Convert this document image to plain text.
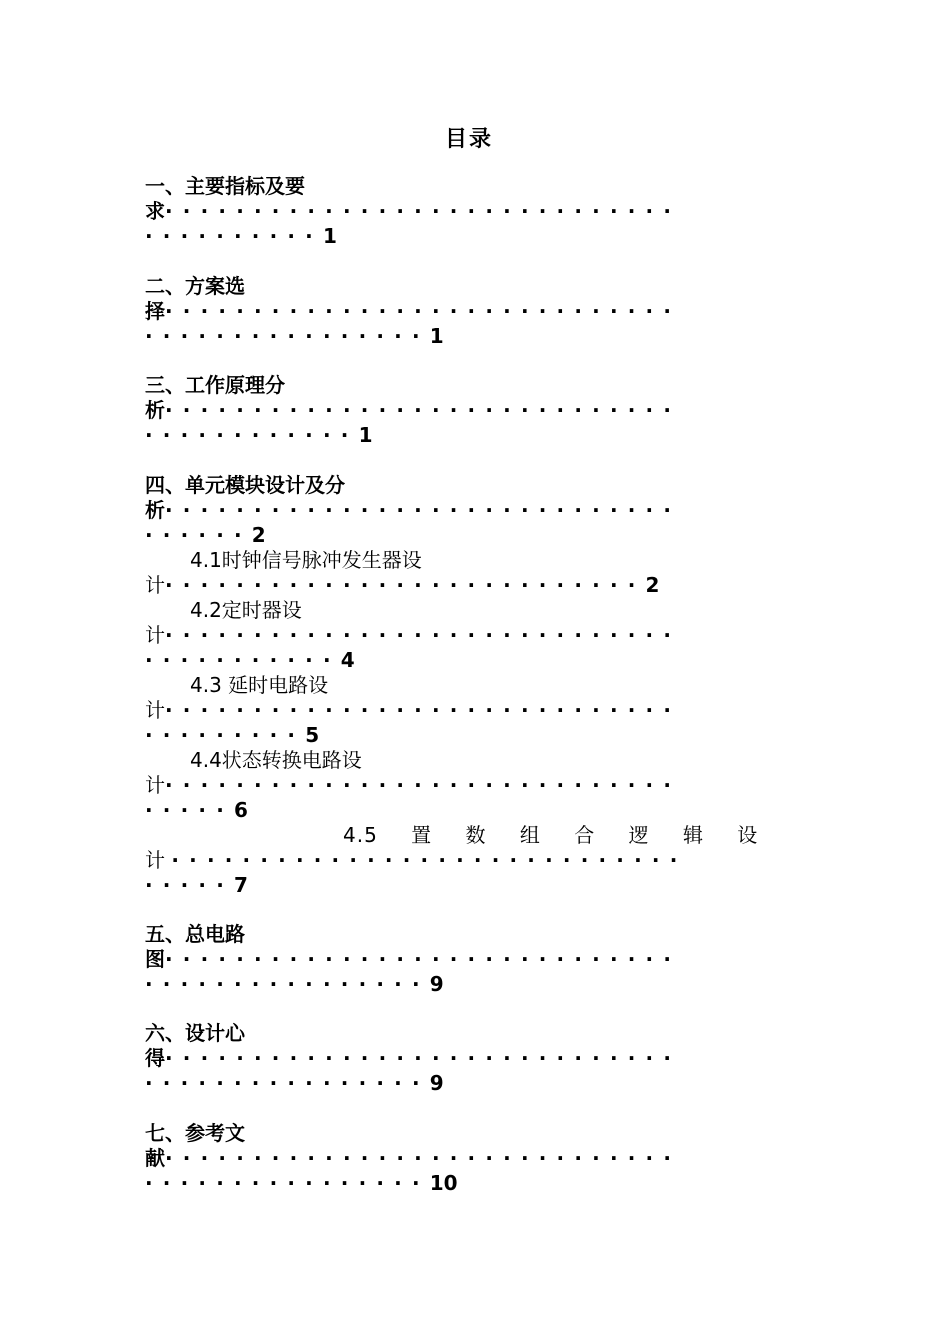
目录
一、主要指标及要
求·····························
··········1
二、方案选
择·····························
················1
三、工作原理分
析·····························
············1
四、单元模块设计及分
析·····························
······2
4.1时钟信号脉冲发生器设
计···························2
4.2定时器设
计·····························
···········4
4.3 延时电路设
计·····························
·········5
4.4状态转换电路设
计·····························
·····6
4.5 置 数 组 合 逻 辑 设
计 ·····························
·····7
五、总电路
图·····························
················9
六、设计心
得·····························
················9
七、参考文
献·····························
················10
